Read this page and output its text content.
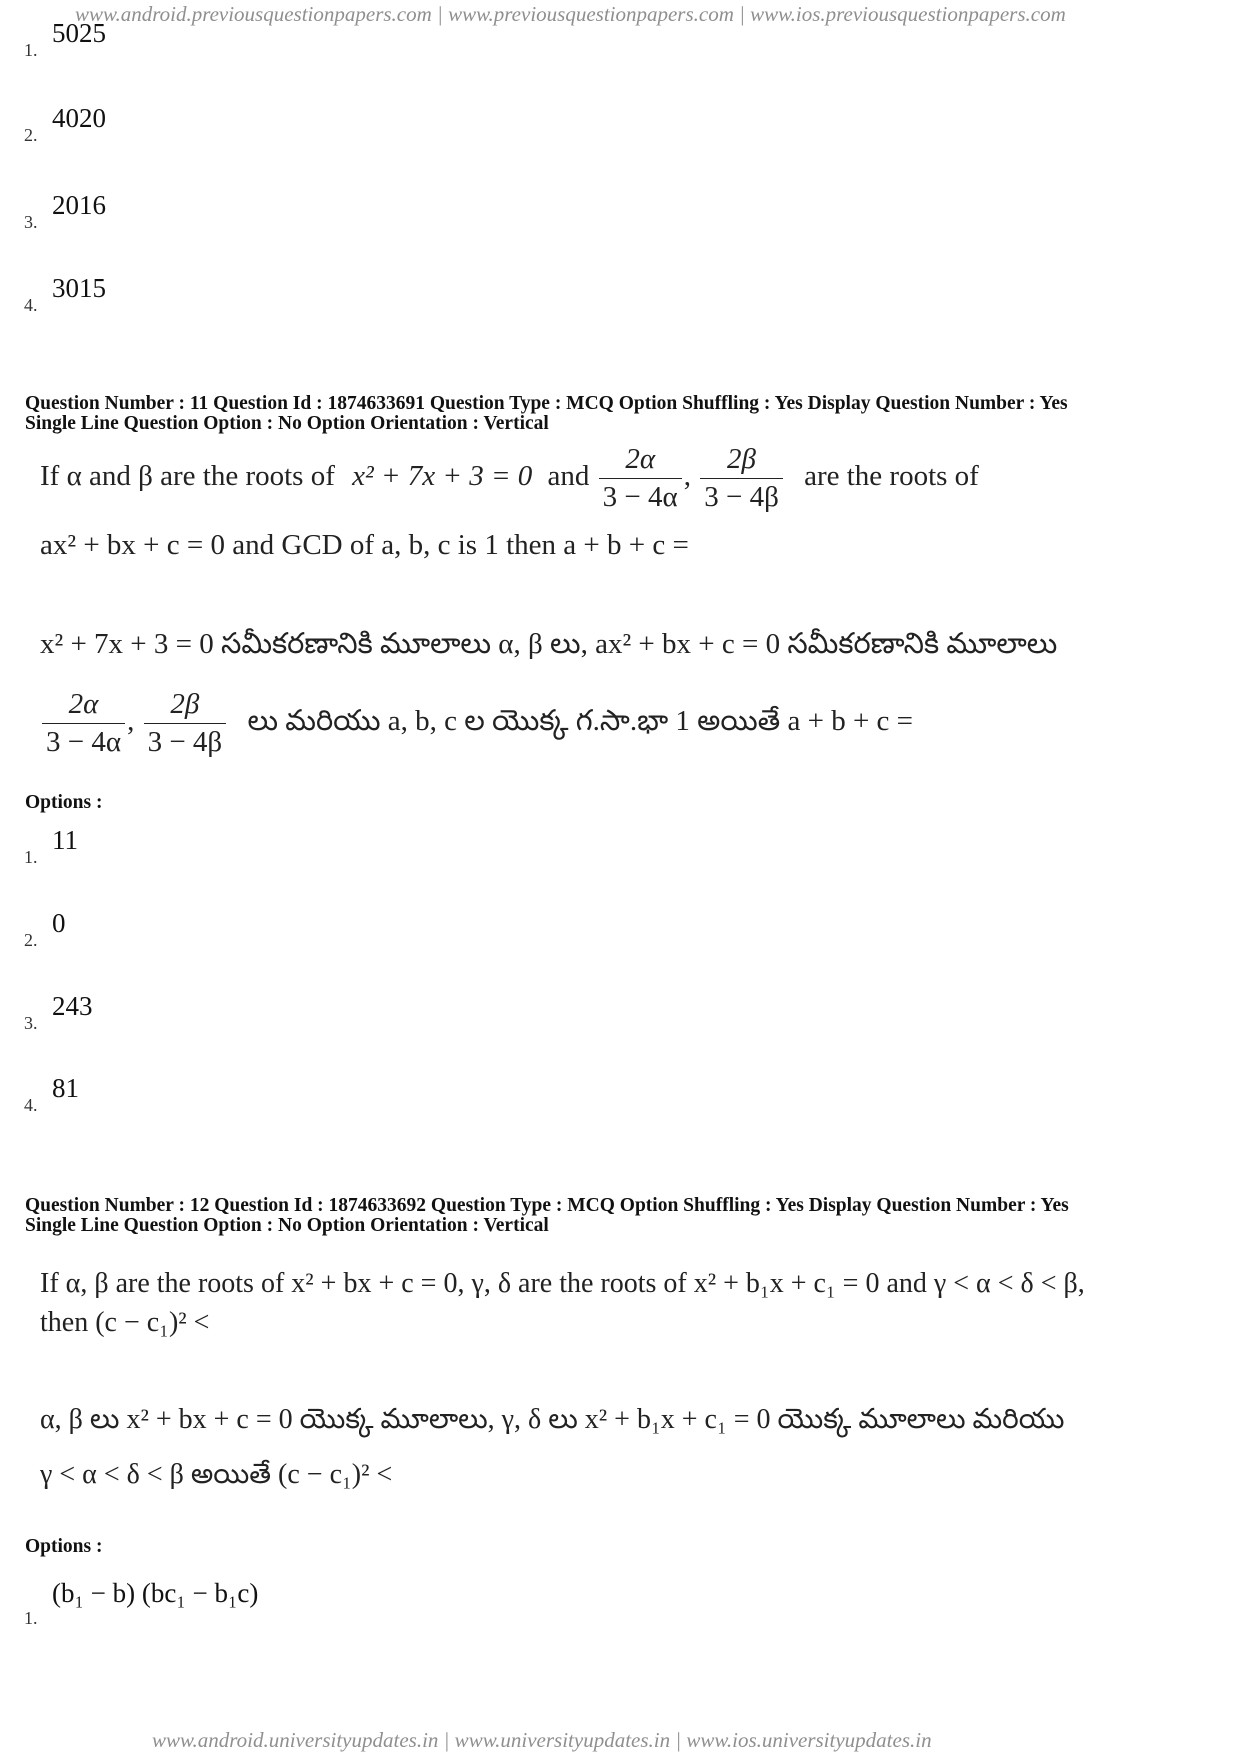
www.android.previousquestionpapers.com | www.previousquestionpapers.com | www.ios.previousquestionpapers.com
1.
5025
2.
4020
3.
2016
4.
3015
Question Number : 11 Question Id : 1874633691 Question Type : MCQ Option Shuffling : Yes Display Question Number : Yes
Single Line Question Option : No Option Orientation : Vertical
If α and β are the roots of x² + 7x + 3 = 0 and $\frac{2\alpha}{3 - 4\alpha}$ , $\frac{2\beta}{3 - 4\beta}$ are the roots of
ax² + bx + c = 0 and GCD of a, b, c is 1 then a + b + c =
x² + 7x + 3 = 0 సమీకరణానికి మూలాలు α, β లు, ax² + bx + c = 0 సమీకరణానికి మూలాలు
$\frac{2\alpha}{3 - 4\alpha}$ , $\frac{2\beta}{3 - 4\beta}$ లు మరియు a, b, c ల యొక్క గ.సా.భా 1 అయితే a + b + c =
Options :
1.
11
2.
0
3.
243
4.
81
Question Number : 12 Question Id : 1874633692 Question Type : MCQ Option Shuffling : Yes Display Question Number : Yes
Single Line Question Option : No Option Orientation : Vertical
If α, β are the roots of x² + bx + c = 0, γ, δ are the roots of x² + b₁x + c₁ = 0 and γ < α < δ < β,
then (c − c₁)² <
α, β లు x² + bx + c = 0 యొక్క మూలాలు, γ, δ లు x² + b₁x + c₁ = 0 యొక్క మూలాలు మరియు
γ < α < δ < β అయితే (c − c₁)² <
Options :
1.
(b₁ − b) (bc₁ − b₁c)
www.android.universityupdates.in | www.universityupdates.in | www.ios.universityupdates.in
